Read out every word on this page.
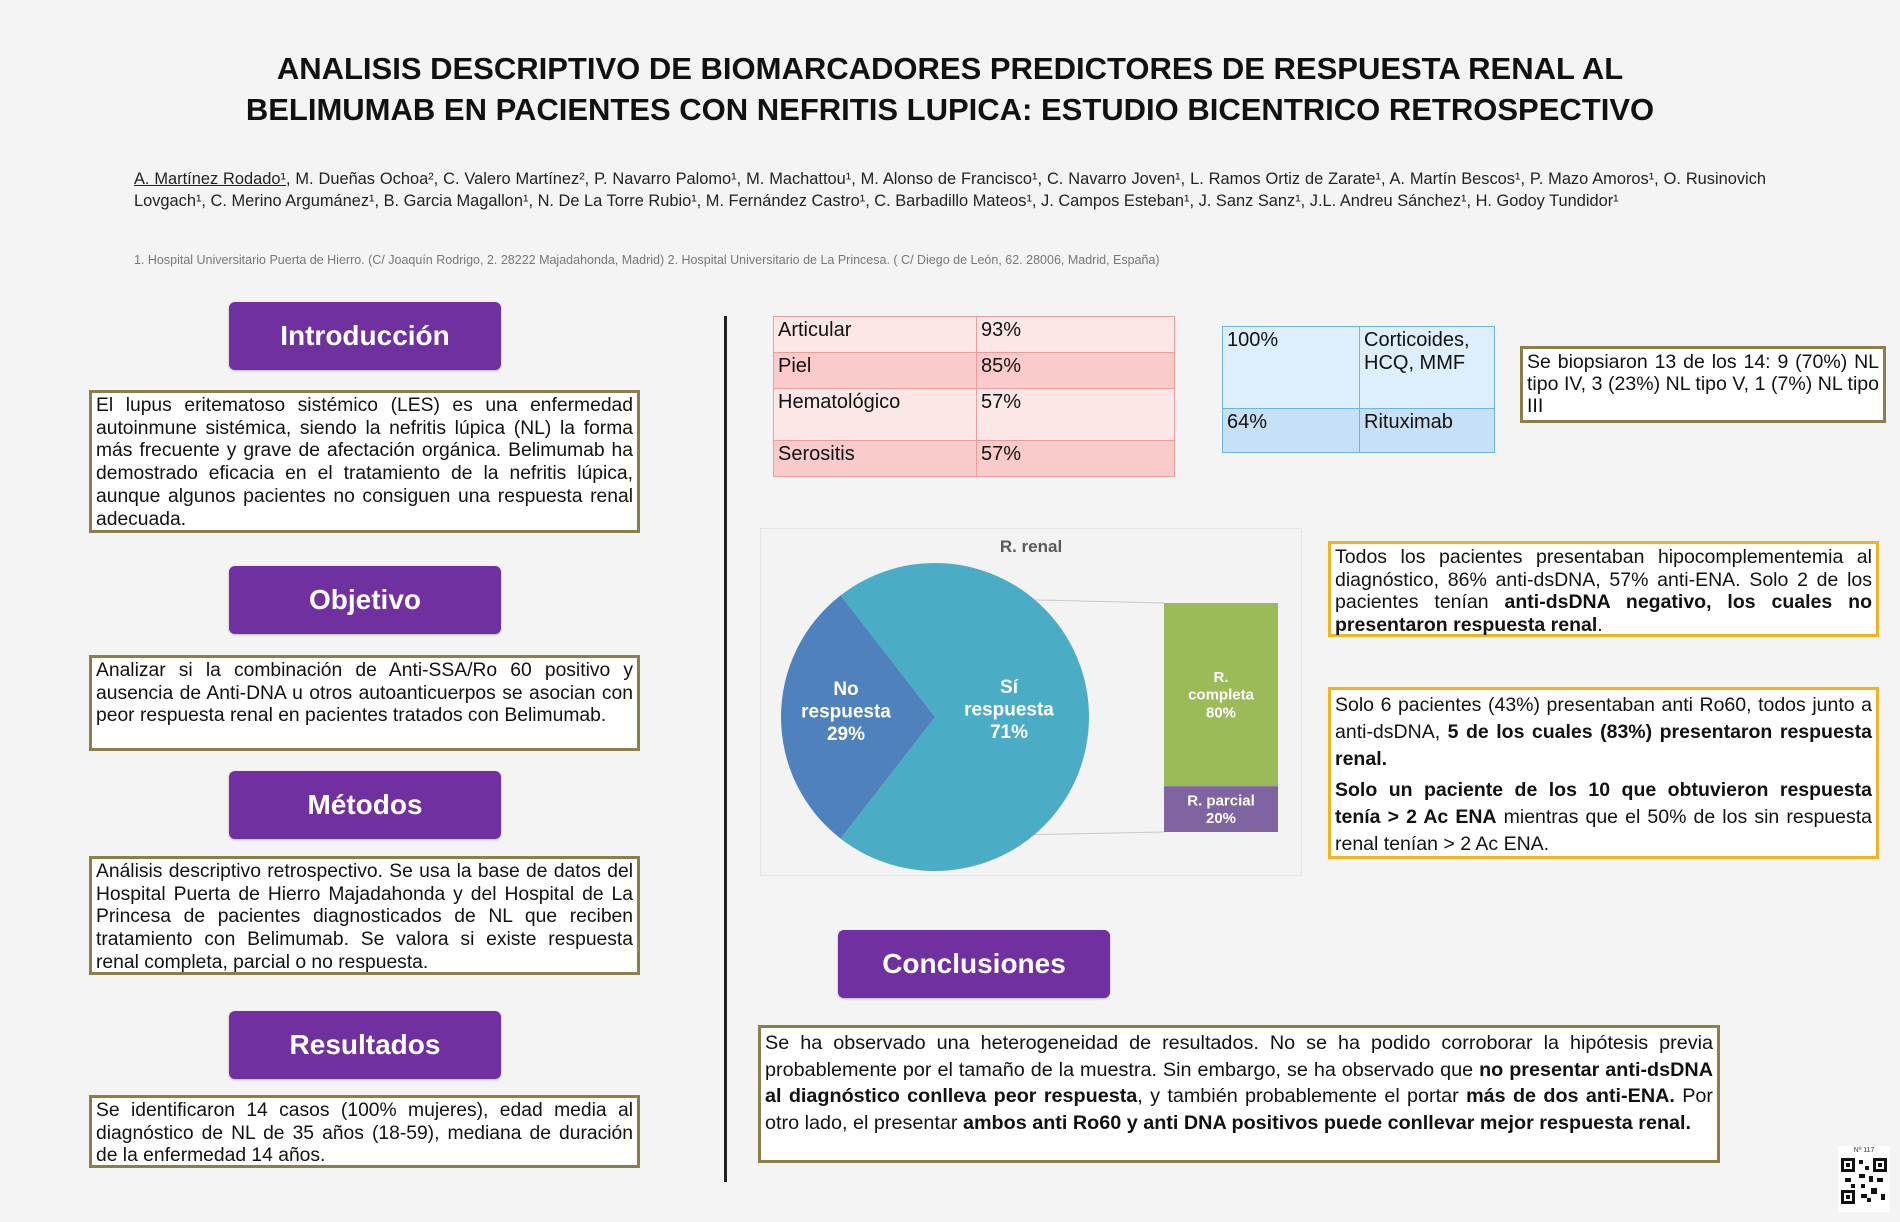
ANALISIS DESCRIPTIVO DE BIOMARCADORES PREDICTORES DE RESPUESTA RENAL AL
BELIMUMAB EN PACIENTES CON NEFRITIS LUPICA: ESTUDIO BICENTRICO RETROSPECTIVO
A. Martínez Rodado¹, M. Dueñas Ochoa², C. Valero Martínez², P. Navarro Palomo¹, M. Machattou¹, M. Alonso de Francisco¹, C. Navarro Joven¹, L. Ramos Ortiz de Zarate¹, A. Martín Bescos¹, P. Mazo Amoros¹, O. Rusinovich Lovgach¹, C. Merino Argumánez¹, B. Garcia Magallon¹, N. De La Torre Rubio¹, M. Fernández Castro¹, C. Barbadillo Mateos¹, J. Campos Esteban¹, J. Sanz Sanz¹, J.L. Andreu Sánchez¹, H. Godoy Tundidor¹
1. Hospital Universitario Puerta de Hierro. (C/ Joaquín Rodrigo, 2. 28222 Majadahonda, Madrid) 2. Hospital Universitario de La Princesa. ( C/ Diego de León, 62. 28006, Madrid, España)
Introducción
El lupus eritematoso sistémico (LES) es una enfermedad autoinmune sistémica, siendo la nefritis lúpica (NL) la forma más frecuente y grave de afectación orgánica. Belimumab ha demostrado eficacia en el tratamiento de la nefritis lúpica, aunque algunos pacientes no consiguen una respuesta renal adecuada.
Objetivo
Analizar si la combinación de Anti-SSA/Ro 60 positivo y ausencia de Anti-DNA u otros autoanticuerpos se asocian con peor respuesta renal en pacientes tratados con Belimumab.
Métodos
Análisis descriptivo retrospectivo. Se usa la base de datos del Hospital Puerta de Hierro Majadahonda y del Hospital de La Princesa de pacientes diagnosticados de NL que reciben tratamiento con Belimumab. Se valora si existe respuesta renal completa, parcial o no respuesta.
Resultados
Se identificaron 14 casos (100% mujeres), edad media al diagnóstico de NL de 35 años (18-59), mediana de duración de la enfermedad 14 años.
Articular	93%
Piel	85%
Hematológico	57%
Serositis	57%
100%	Corticoides, HCQ, MMF
64%	Rituximab
Se biopsiaron 13 de los 14: 9 (70%) NL tipo IV, 3 (23%) NL tipo V, 1 (7%) NL tipo III
R. renal
No respuesta 29%
Sí respuesta 71%
R. completa 80%
R. parcial 20%
Todos los pacientes presentaban hipocomplementemia al diagnóstico, 86% anti-dsDNA, 57% anti-ENA. Solo 2 de los pacientes tenían anti-dsDNA negativo, los cuales no presentaron respuesta renal.
Solo 6 pacientes (43%) presentaban anti Ro60, todos junto a anti-dsDNA, 5 de los cuales (83%) presentaron respuesta renal.
Solo un paciente de los 10 que obtuvieron respuesta tenía > 2 Ac ENA mientras que el 50% de los sin respuesta renal tenían > 2 Ac ENA.
Conclusiones
Se ha observado una heterogeneidad de resultados. No se ha podido corroborar la hipótesis previa probablemente por el tamaño de la muestra. Sin embargo, se ha observado que no presentar anti-dsDNA al diagnóstico conlleva peor respuesta, y también probablemente el portar más de dos anti-ENA. Por otro lado, el presentar ambos anti Ro60 y anti DNA positivos puede conllevar mejor respuesta renal.
Nº 117
